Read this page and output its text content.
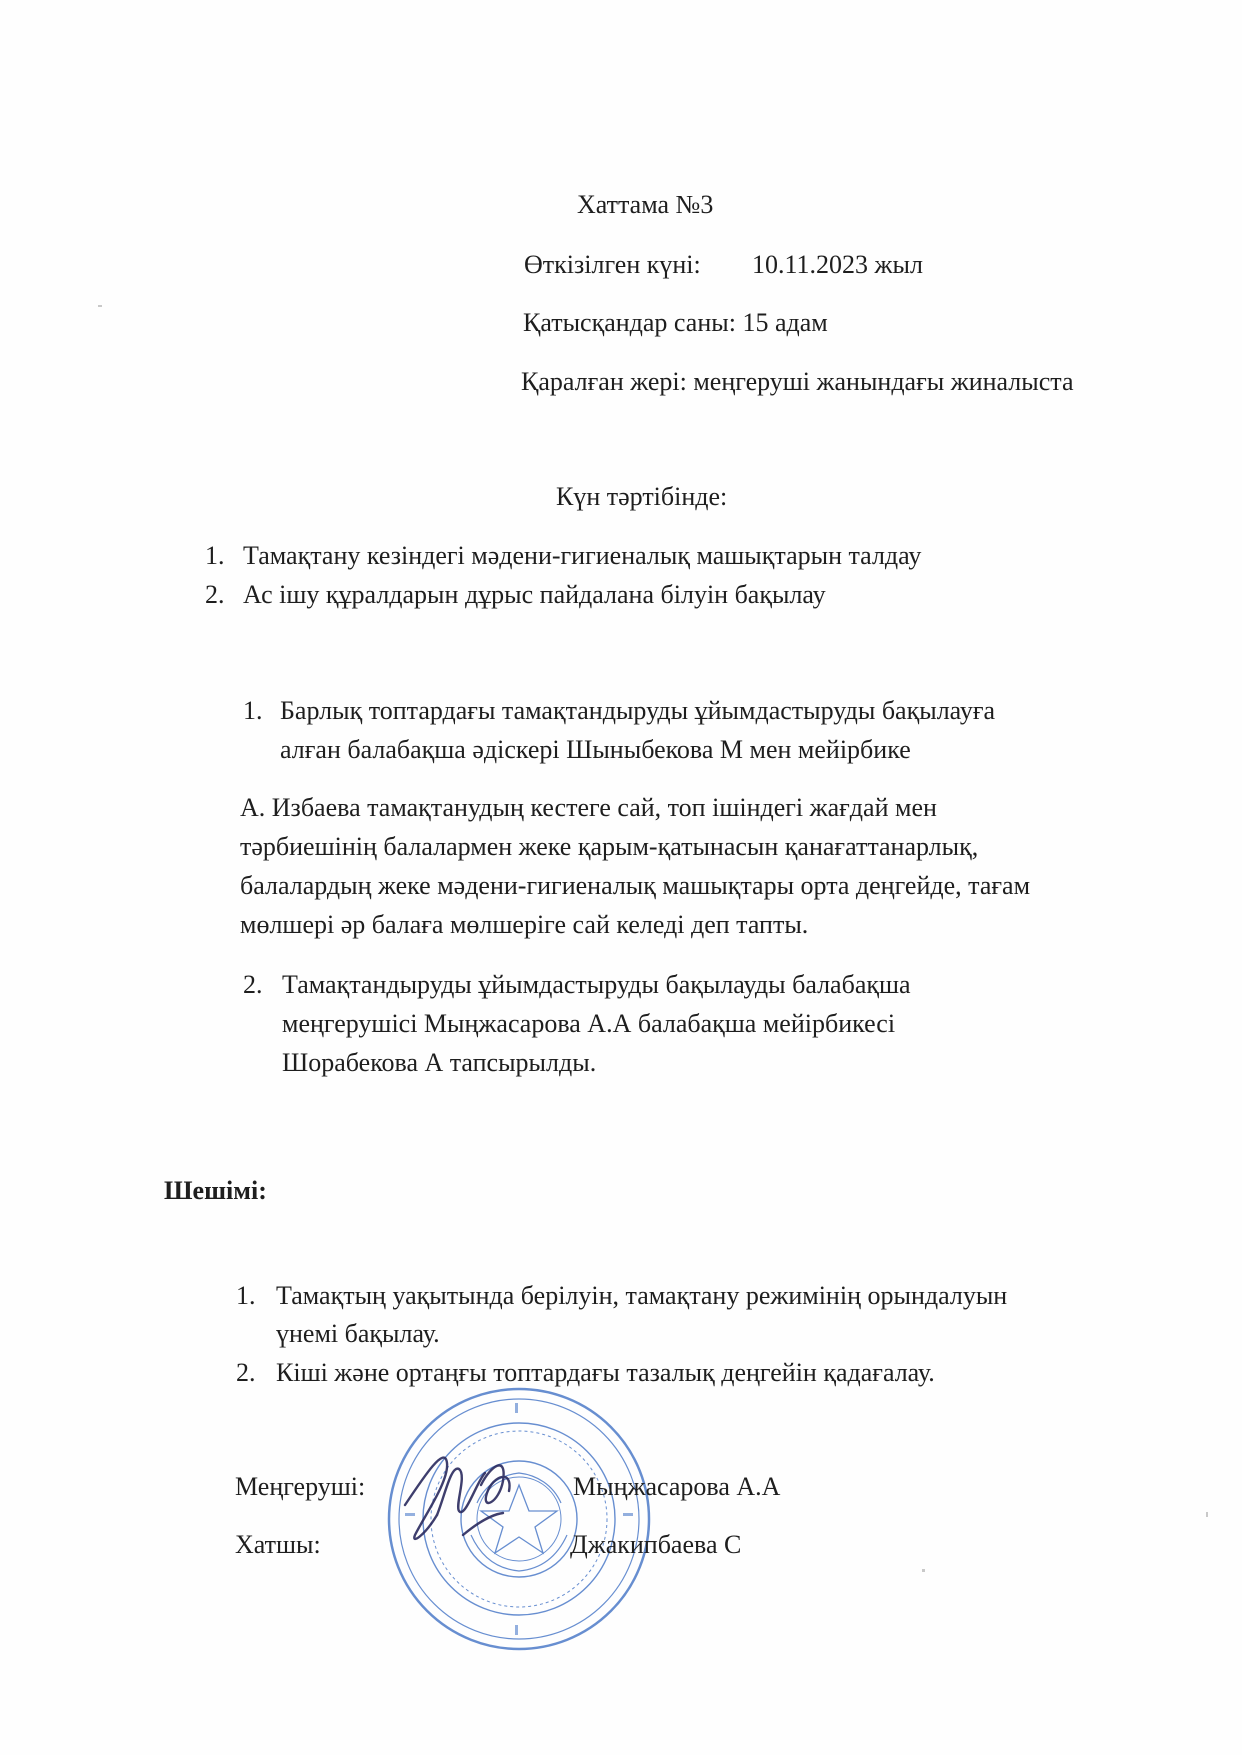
Хаттама №3
Өткізілген күні: 10.11.2023 жыл
Қатысқандар саны: 15 адам
Қаралған жері: меңгеруші жанындағы жиналыста
Күн тәртібінде:
1. Тамақтану кезіндегі мәдени-гигиеналық машықтарын талдау
2. Ас ішу құралдарын дұрыс пайдалана білуін бақылау
1. Барлық топтардағы тамақтандыруды ұйымдастыруды бақылауға
алған балабақша әдіскері Шыныбекова М мен мейірбике
А. Избаева тамақтанудың кестеге сай, топ ішіндегі жағдай мен
тәрбиешінің балалармен жеке қарым-қатынасын қанағаттанарлық,
балалардың жеке мәдени-гигиеналық машықтары орта деңгейде, тағам
мөлшері әр балаға мөлшеріге сай келеді деп тапты.
2. Тамақтандыруды ұйымдастыруды бақылауды балабақша
меңгерушісі Мыңжасарова А.А балабақша мейірбикесі
Шорабекова А тапсырылды.
Шешімі:
1. Тамақтың уақытында берілуін, тамақтану режимінің орындалуын
үнемі бақылау.
2. Кіші және ортаңғы топтардағы тазалық деңгейін қадағалау.
Меңгеруші:	Мыңжасарова А.А
Хатшы:	Джакипбаева С
